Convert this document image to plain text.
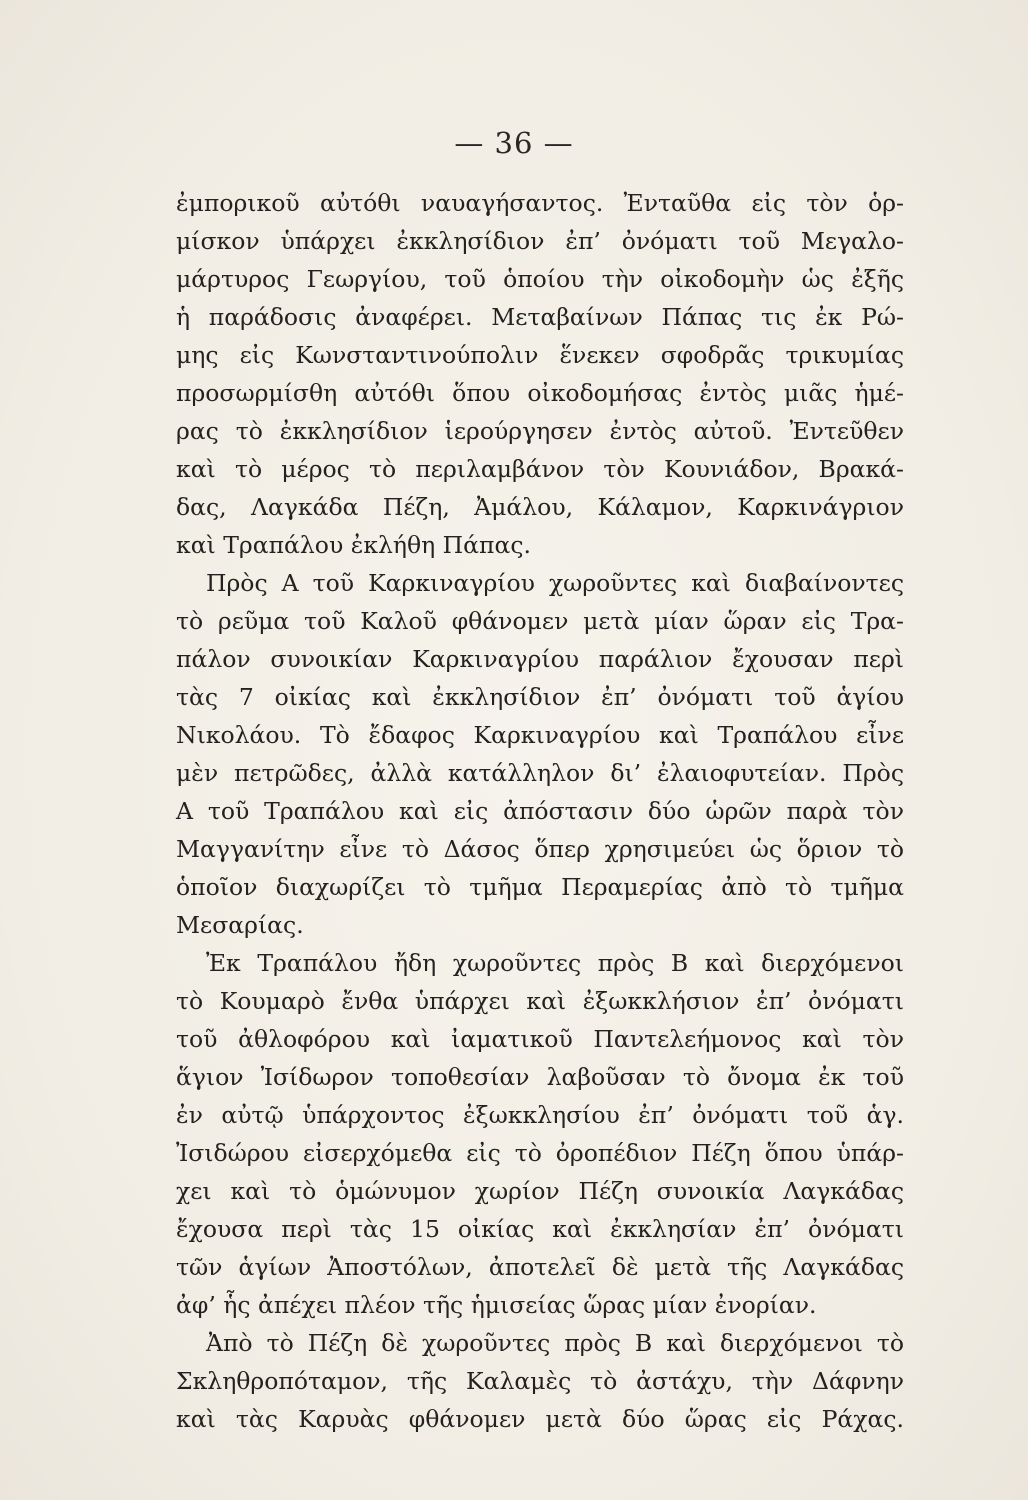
— 36 —
ἐμπορικοῦ αὐτόθι ναυαγήσαντος. Ἐνταῦθα εἰς τὸν ὁρ-
μίσκον ὑπάρχει ἐκκλησίδιον ἐπ’ ὀνόματι τοῦ Μεγαλο-
μάρτυρος Γεωργίου, τοῦ ὁποίου τὴν οἰκοδομὴν ὡς ἐξῆς
ἡ παράδοσις ἀναφέρει. Μεταβαίνων Πάπας τις ἐκ Ρώ-
μης εἰς Κωνσταντινούπολιν ἕνεκεν σφοδρᾶς τρικυμίας
προσωρμίσθη αὐτόθι ὅπου οἰκοδομήσας ἐντὸς μιᾶς ἡμέ-
ρας τὸ ἐκκλησίδιον ἱερούργησεν ἐντὸς αὐτοῦ. Ἐντεῦθεν
καὶ τὸ μέρος τὸ περιλαμβάνον τὸν Κουνιάδον, Βρακά-
δας, Λαγκάδα Πέζη, Ἀμάλου, Κάλαμον, Καρκινάγριον
καὶ Τραπάλου ἐκλήθη Πάπας.
Πρὸς Α τοῦ Καρκιναγρίου χωροῦντες καὶ διαβαίνοντες
τὸ ρεῦμα τοῦ Καλοῦ φθάνομεν μετὰ μίαν ὥραν εἰς Τρα-
πάλον συνοικίαν Καρκιναγρίου παράλιον ἔχουσαν περὶ
τὰς 7 οἰκίας καὶ ἐκκλησίδιον ἐπ’ ὀνόματι τοῦ ἁγίου
Νικολάου. Τὸ ἔδαφος Καρκιναγρίου καὶ Τραπάλου εἶνε
μὲν πετρῶδες, ἀλλὰ κατάλληλον δι’ ἐλαιοφυτείαν. Πρὸς
Α τοῦ Τραπάλου καὶ εἰς ἀπόστασιν δύο ὡρῶν παρὰ τὸν
Μαγγανίτην εἶνε τὸ Δάσος ὅπερ χρησιμεύει ὡς ὅριον τὸ
ὁποῖον διαχωρίζει τὸ τμῆμα Περαμερίας ἀπὸ τὸ τμῆμα
Μεσαρίας.
Ἐκ Τραπάλου ἤδη χωροῦντες πρὸς Β καὶ διερχόμενοι
τὸ Κουμαρὸ ἔνθα ὑπάρχει καὶ ἐξωκκλήσιον ἐπ’ ὀνόματι
τοῦ ἀθλοφόρου καὶ ἰαματικοῦ Παντελεήμονος καὶ τὸν
ἅγιον Ἰσίδωρον τοποθεσίαν λαβοῦσαν τὸ ὄνομα ἐκ τοῦ
ἐν αὐτῷ ὑπάρχοντος ἐξωκκλησίου ἐπ’ ὀνόματι τοῦ ἁγ.
Ἰσιδώρου εἰσερχόμεθα εἰς τὸ ὀροπέδιον Πέζη ὅπου ὑπάρ-
χει καὶ τὸ ὁμώνυμον χωρίον Πέζη συνοικία Λαγκάδας
ἔχουσα περὶ τὰς 15 οἰκίας καὶ ἐκκλησίαν ἐπ’ ὀνόματι
τῶν ἁγίων Ἀποστόλων, ἀποτελεῖ δὲ μετὰ τῆς Λαγκάδας
ἀφ’ ἧς ἀπέχει πλέον τῆς ἡμισείας ὥρας μίαν ἐνορίαν.
Ἀπὸ τὸ Πέζη δὲ χωροῦντες πρὸς Β καὶ διερχόμενοι τὸ
Σκληθροπόταμον, τῆς Καλαμὲς τὸ ἀστάχυ, τὴν Δάφνην
καὶ τὰς Καρυὰς φθάνομεν μετὰ δύο ὥρας εἰς Ράχας.
